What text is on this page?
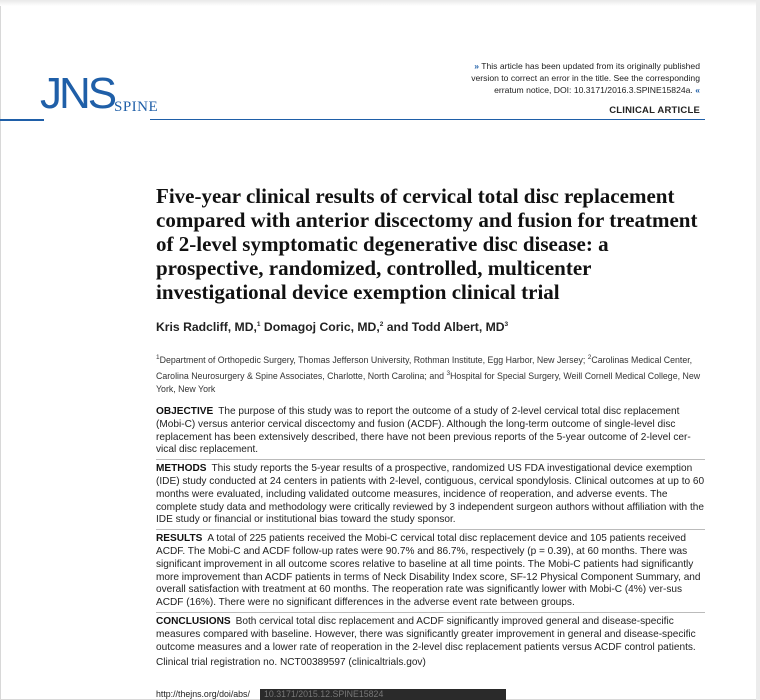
JNS SPINE
» This article has been updated from its originally published version to correct an error in the title. See the corresponding erratum notice, DOI: 10.3171/2016.3.SPINE15824a. «
CLINICAL ARTICLE
Five-year clinical results of cervical total disc replacement compared with anterior discectomy and fusion for treatment of 2-level symptomatic degenerative disc disease: a prospective, randomized, controlled, multicenter investigational device exemption clinical trial
Kris Radcliff, MD,$^1$ Domagoj Coric, MD,$^2$ and Todd Albert, $MD^3$
$^1$Department of Orthopedic Surgery, Thomas Jefferson University, Rothman Institute, Egg Harbor, New Jersey; $^2$Carolinas Medical Center, Carolina Neurosurgery & Spine Associates, Charlotte, North Carolina; and $^3$Hospital for Special Surgery, Weill Cornell Medical College, New York, New York

OBJECTIVE The purpose of this study was to report the outcome of a study of 2-level cervical total disc replacement (Mobi-C) versus anterior cervical discectomy and fusion (ACDF). Although the long-term outcome of single-level disc replacement has been extensively described, there have not been previous reports of the 5-year outcome of 2-level cer-vical disc replacement.

METHODS This study reports the 5-year results of a prospective, randomized US FDA investigational device exemption (IDE) study conducted at 24 centers in patients with 2-level, contiguous, cervical spondylosis. Clinical outcomes at up to 60 months were evaluated, including validated outcome measures, incidence of reoperation, and adverse events. The complete study data and methodology were critically reviewed by 3 independent surgeon authors without affiliation with the IDE study or financial or institutional bias toward the study sponsor.

RESULTS A total of 225 patients received the Mobi-C cervical total disc replacement device and 105 patients received ACDF. The Mobi-C and ACDF follow-up rates were 90.7% and 86.7%, respectively (p = 0.39), at 60 months. There was significant improvement in all outcome scores relative to baseline at all time points. The Mobi-C patients had significantly more improvement than ACDF patients in terms of Neck Disability Index score, SF-12 Physical Component Summary, and overall satisfaction with treatment at 60 months. The reoperation rate was significantly lower with Mobi-C (4%) ver-sus ACDF (16%). There were no significant differences in the adverse event rate between groups.

CONCLUSIONS Both cervical total disc replacement and ACDF significantly improved general and disease-specific measures compared with baseline. However, there was significantly greater improvement in general and disease-specific outcome measures and a lower rate of reoperation in the 2-level disc replacement patients versus ACDF control patients.

Clinical trial registration no. NCT00389597 (clinicaltrials.gov)

http://thejns.org/doi/abs/ 10.3171/2015.12.SPINE15824
